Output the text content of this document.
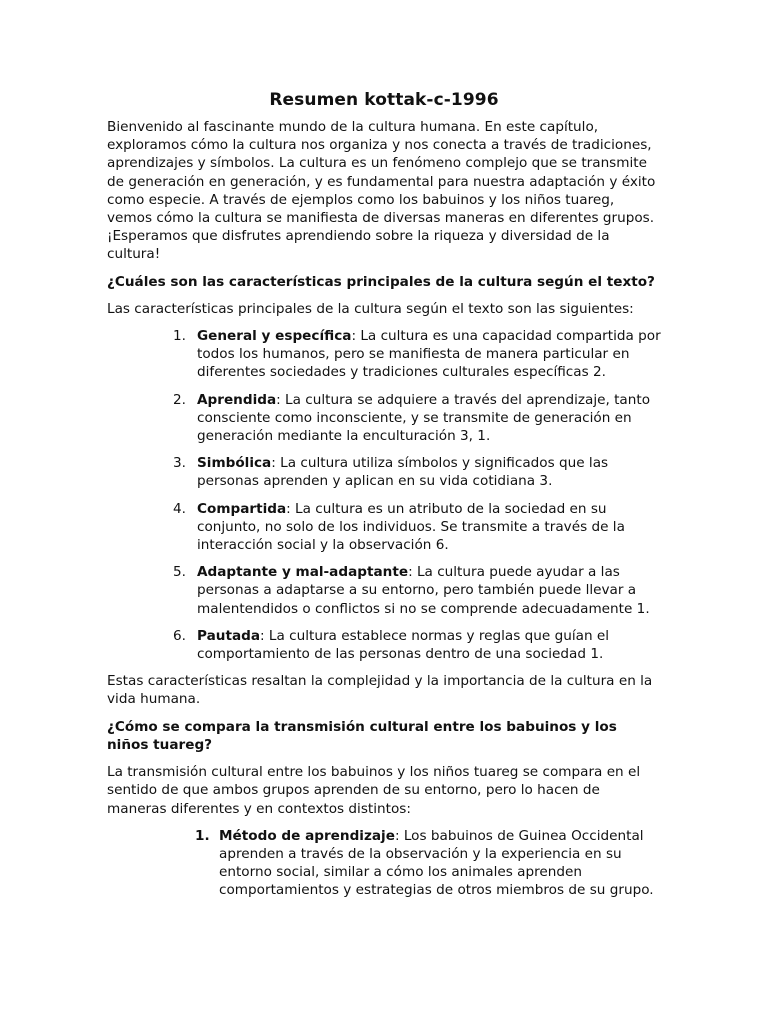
Resumen kottak-c-1996

Bienvenido al fascinante mundo de la cultura humana. En este capítulo, exploramos cómo la cultura nos organiza y nos conecta a través de tradiciones, aprendizajes y símbolos. La cultura es un fenómeno complejo que se transmite de generación en generación, y es fundamental para nuestra adaptación y éxito como especie. A través de ejemplos como los babuinos y los niños tuareg, vemos cómo la cultura se manifiesta de diversas maneras en diferentes grupos. ¡Esperamos que disfrutes aprendiendo sobre la riqueza y diversidad de la cultura!

¿Cuáles son las características principales de la cultura según el texto?

Las características principales de la cultura según el texto son las siguientes:

1. General y específica: La cultura es una capacidad compartida por todos los humanos, pero se manifiesta de manera particular en diferentes sociedades y tradiciones culturales específicas 2.
2. Aprendida: La cultura se adquiere a través del aprendizaje, tanto consciente como inconsciente, y se transmite de generación en generación mediante la enculturación 3, 1.
3. Simbólica: La cultura utiliza símbolos y significados que las personas aprenden y aplican en su vida cotidiana 3.
4. Compartida: La cultura es un atributo de la sociedad en su conjunto, no solo de los individuos. Se transmite a través de la interacción social y la observación 6.
5. Adaptante y mal-adaptante: La cultura puede ayudar a las personas a adaptarse a su entorno, pero también puede llevar a malentendidos o conflictos si no se comprende adecuadamente 1.
6. Pautada: La cultura establece normas y reglas que guían el comportamiento de las personas dentro de una sociedad 1.

Estas características resaltan la complejidad y la importancia de la cultura en la vida humana.

¿Cómo se compara la transmisión cultural entre los babuinos y los niños tuareg?

La transmisión cultural entre los babuinos y los niños tuareg se compara en el sentido de que ambos grupos aprenden de su entorno, pero lo hacen de maneras diferentes y en contextos distintos:

1. Método de aprendizaje: Los babuinos de Guinea Occidental aprenden a través de la observación y la experiencia en su entorno social, similar a cómo los animales aprenden comportamientos y estrategias de otros miembros de su grupo.
